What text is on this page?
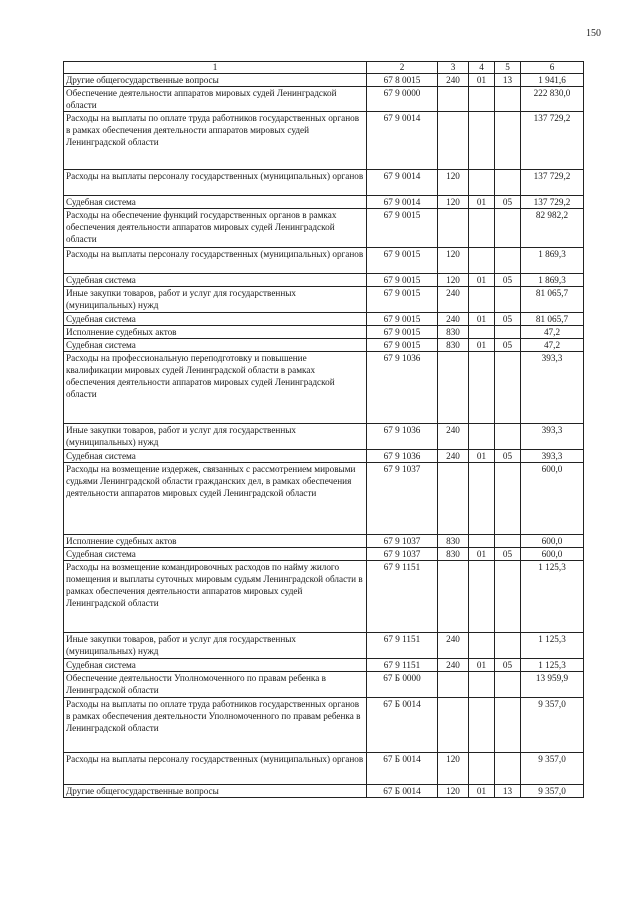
150
1	2	3	4	5	6
Другие общегосударственные вопросы	67 8 0015	240	01	13	1 941,6
Обеспечение деятельности аппаратов мировых судей Ленинградской области	67 9 0000				222 830,0
Расходы на выплаты по оплате труда работников государственных органов в рамках обеспечения деятельности аппаратов мировых судей Ленинградской области	67 9 0014				137 729,2
Расходы на выплаты персоналу государственных (муниципальных) органов	67 9 0014	120			137 729,2
Судебная система	67 9 0014	120	01	05	137 729,2
Расходы на обеспечение функций государственных органов в рамках обеспечения деятельности аппаратов мировых судей Ленинградской области	67 9 0015				82 982,2
Расходы на выплаты персоналу государственных (муниципальных) органов	67 9 0015	120			1 869,3
Судебная система	67 9 0015	120	01	05	1 869,3
Иные закупки товаров, работ и услуг для государственных (муниципальных) нужд	67 9 0015	240			81 065,7
Судебная система	67 9 0015	240	01	05	81 065,7
Исполнение судебных актов	67 9 0015	830			47,2
Судебная система	67 9 0015	830	01	05	47,2
Расходы на профессиональную переподготовку и повышение квалификации мировых судей Ленинградской области в рамках обеспечения деятельности аппаратов мировых судей Ленинградской области	67 9 1036				393,3
Иные закупки товаров, работ и услуг для государственных (муниципальных) нужд	67 9 1036	240			393,3
Судебная система	67 9 1036	240	01	05	393,3
Расходы на возмещение издержек, связанных с рассмотрением мировыми судьями Ленинградской области гражданских дел, в рамках обеспечения деятельности аппаратов мировых судей Ленинградской области	67 9 1037				600,0
Исполнение судебных актов	67 9 1037	830			600,0
Судебная система	67 9 1037	830	01	05	600,0
Расходы на возмещение командировочных расходов по найму жилого помещения и выплаты суточных мировым судьям Ленинградской области в рамках обеспечения деятельности аппаратов мировых судей Ленинградской области	67 9 1151				1 125,3
Иные закупки товаров, работ и услуг для государственных (муниципальных) нужд	67 9 1151	240			1 125,3
Судебная система	67 9 1151	240	01	05	1 125,3
Обеспечение деятельности Уполномоченного по правам ребенка в Ленинградской области	67 Б 0000				13 959,9
Расходы на выплаты по оплате труда работников государственных органов в рамках обеспечения деятельности Уполномоченного по правам ребенка в Ленинградской области	67 Б 0014				9 357,0
Расходы на выплаты персоналу государственных (муниципальных) органов	67 Б 0014	120			9 357,0
Другие общегосударственные вопросы	67 Б 0014	120	01	13	9 357,0
